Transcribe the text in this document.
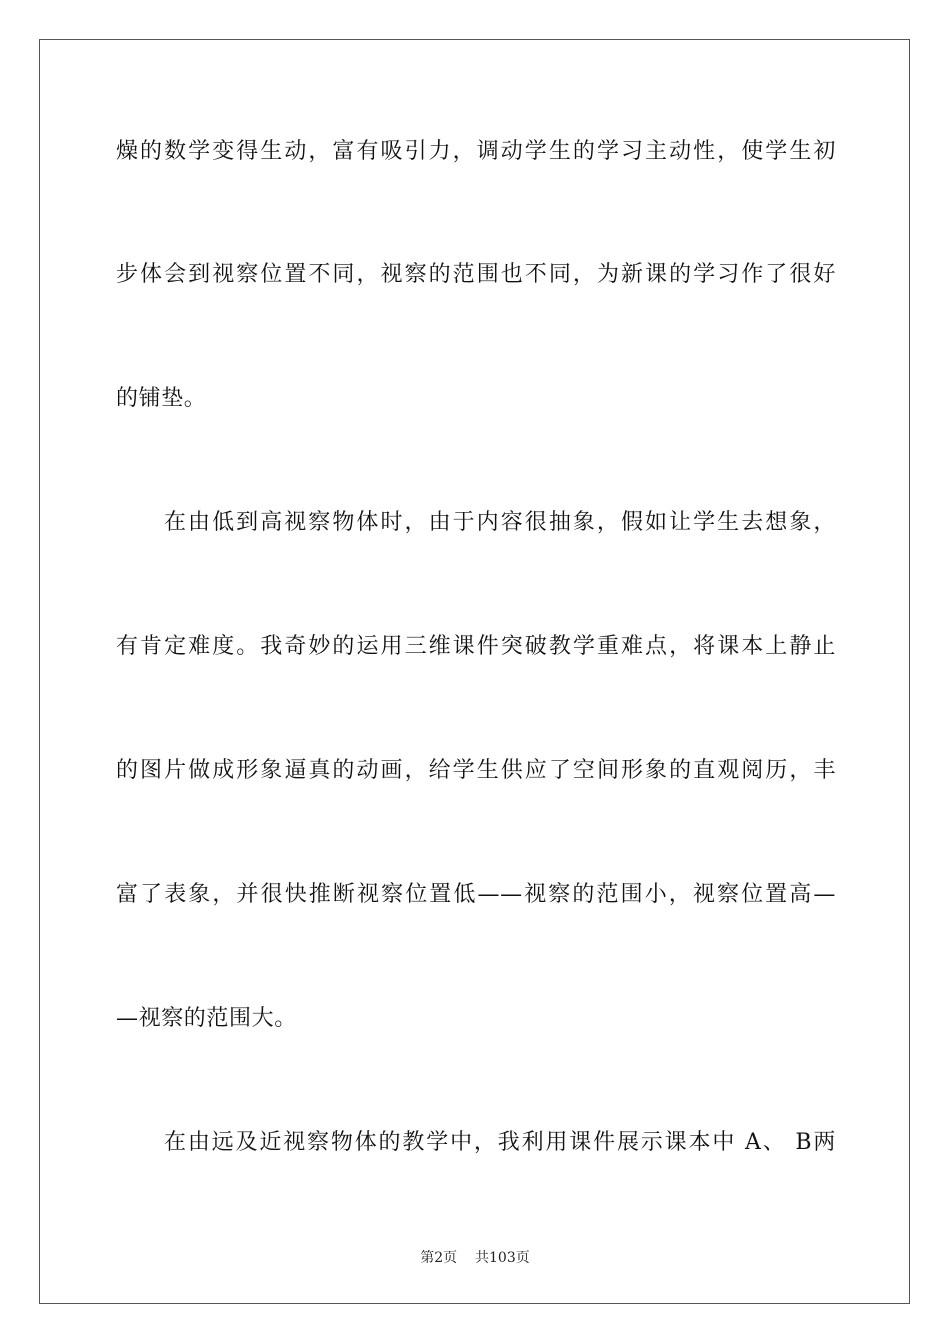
燥的数学变得生动，富有吸引力，调动学生的学习主动性，使学生初
步体会到视察位置不同，视察的范围也不同，为新课的学习作了很好
的铺垫。
在由低到高视察物体时，由于内容很抽象，假如让学生去想象，
有肯定难度。我奇妙的运用三维课件突破教学重难点，将课本上静止
的图片做成形象逼真的动画，给学生供应了空间形象的直观阅历，丰
富了表象，并很快推断视察位置低——视察的范围小，视察位置高—
—视察的范围大。
在由远及近视察物体的教学中，我利用课件展示课本中 A、 B两
第2页 共103页
